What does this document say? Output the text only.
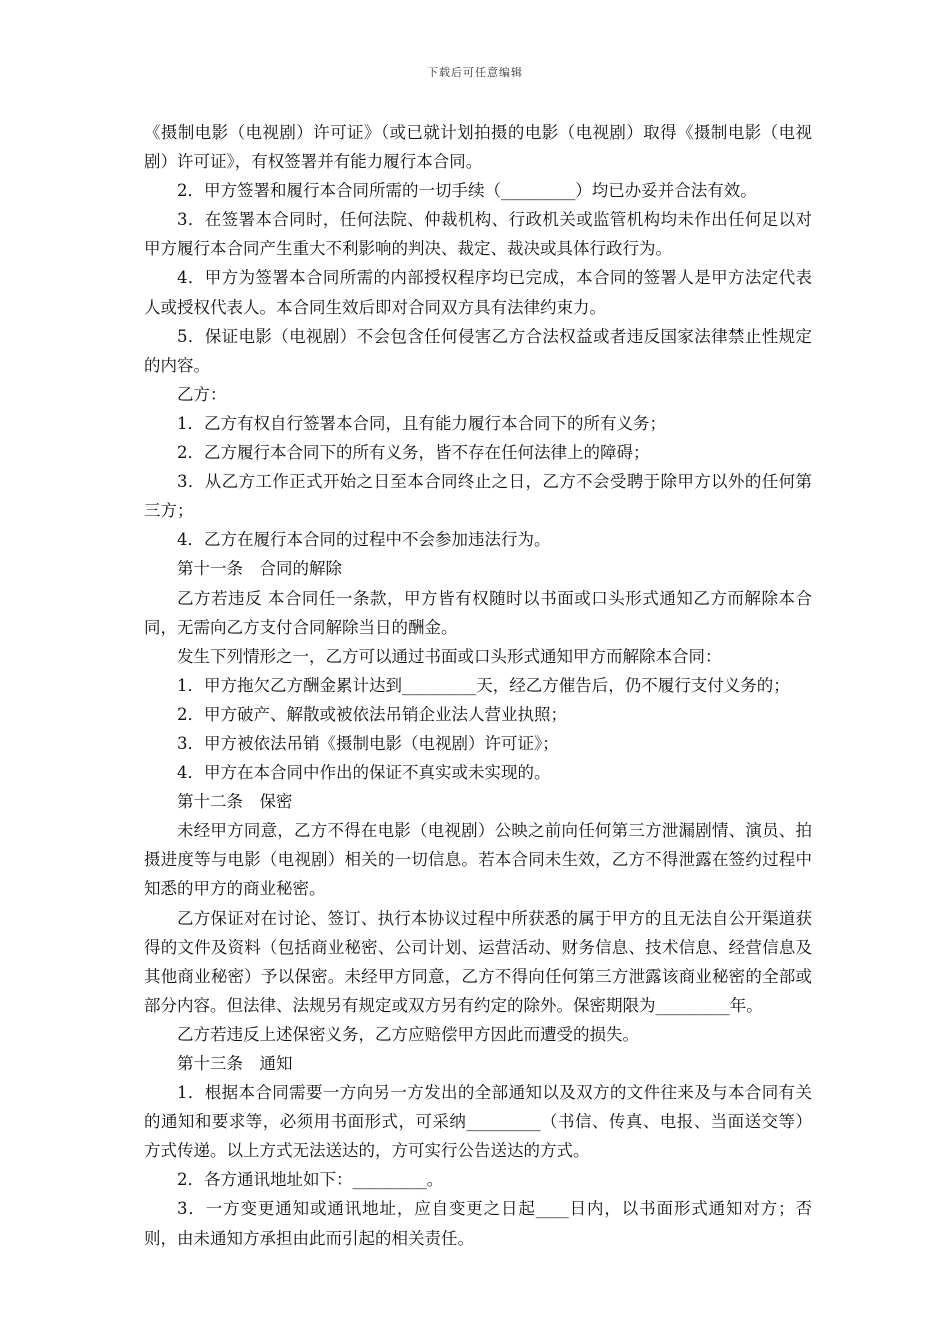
下载后可任意编辑

《摄制电影（电视剧）许可证》（或已就计划拍摄的电影（电视剧）取得《摄制电影（电视剧）许可证》，有权签署并有能力履行本合同。

2．甲方签署和履行本合同所需的一切手续（_________）均已办妥并合法有效。

3．在签署本合同时，任何法院、仲裁机构、行政机关或监管机构均未作出任何足以对甲方履行本合同产生重大不利影响的判决、裁定、裁决或具体行政行为。

4．甲方为签署本合同所需的内部授权程序均已完成，本合同的签署人是甲方法定代表人或授权代表人。本合同生效后即对合同双方具有法律约束力。

5．保证电影（电视剧）不会包含任何侵害乙方合法权益或者违反国家法律禁止性规定的内容。

乙方：

1．乙方有权自行签署本合同，且有能力履行本合同下的所有义务；

2．乙方履行本合同下的所有义务，皆不存在任何法律上的障碍；

3．从乙方工作正式开始之日至本合同终止之日，乙方不会受聘于除甲方以外的任何第三方；

4．乙方在履行本合同的过程中不会参加违法行为。

第十一条　合同的解除

乙方若违反 本合同任一条款，甲方皆有权随时以书面或口头形式通知乙方而解除本合同，无需向乙方支付合同解除当日的酬金。

发生下列情形之一，乙方可以通过书面或口头形式通知甲方而解除本合同：

1．甲方拖欠乙方酬金累计达到_________天，经乙方催告后，仍不履行支付义务的；

2．甲方破产、解散或被依法吊销企业法人营业执照；

3．甲方被依法吊销《摄制电影（电视剧）许可证》；

4．甲方在本合同中作出的保证不真实或未实现的。

第十二条　保密

未经甲方同意，乙方不得在电影（电视剧）公映之前向任何第三方泄漏剧情、演员、拍摄进度等与电影（电视剧）相关的一切信息。若本合同未生效，乙方不得泄露在签约过程中知悉的甲方的商业秘密。

乙方保证对在讨论、签订、执行本协议过程中所获悉的属于甲方的且无法自公开渠道获得的文件及资料（包括商业秘密、公司计划、运营活动、财务信息、技术信息、经营信息及其他商业秘密）予以保密。未经甲方同意，乙方不得向任何第三方泄露该商业秘密的全部或部分内容。但法律、法规另有规定或双方另有约定的除外。保密期限为_________年。

乙方若违反上述保密义务，乙方应赔偿甲方因此而遭受的损失。

第十三条　通知

1．根据本合同需要一方向另一方发出的全部通知以及双方的文件往来及与本合同有关的通知和要求等，必须用书面形式，可采纳_________（书信、传真、电报、当面送交等）方式传递。以上方式无法送达的，方可实行公告送达的方式。

2．各方通讯地址如下：_________。

3．一方变更通知或通讯地址，应自变更之日起____日内，以书面形式通知对方；否则，由未通知方承担由此而引起的相关责任。
